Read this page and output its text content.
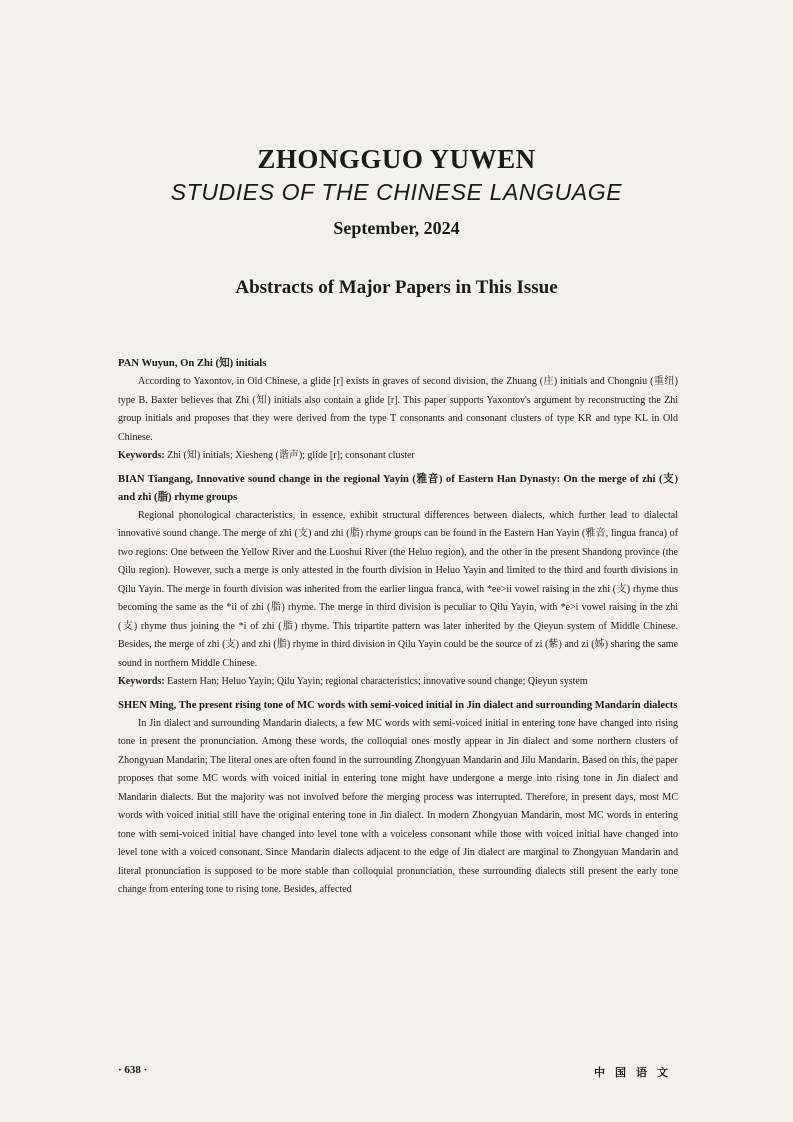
ZHONGGUO YUWEN
STUDIES OF THE CHINESE LANGUAGE
September, 2024
Abstracts of Major Papers in This Issue
PAN Wuyun, On Zhi (知) initials

According to Yaxontov, in Old Chinese, a glide [r] exists in graves of second division, the Zhuang (庄) initials and Chongniu (重纽) type B. Baxter believes that Zhi (知) initials also contain a glide [r]. This paper supports Yaxontov's argument by reconstructing the Zhi group initials and proposes that they were derived from the type T consonants and consonant clusters of type KR and type KL in Old Chinese.

Keywords: Zhi (知) initials; Xiesheng (谐声); glide [r]; consonant cluster

BIAN Tiangang, Innovative sound change in the regional Yayin (雅音) of Eastern Han Dynasty: On the merge of zhi (支) and zhi (脂) rhyme groups

Regional phonological characteristics, in essence, exhibit structural differences between dialects, which further lead to dialectal innovative sound change. The merge of zhi (支) and zhi (脂) rhyme groups can be found in the Eastern Han Yayin (雅音, lingua franca) of two regions: One between the Yellow River and the Luoshui River (the Heluo region), and the other in the present Shandong province (the Qilu region). However, such a merge is only attested in the fourth division in Heluo Yayin and limited to the third and fourth divisions in Qilu Yayin. The merge in fourth division was inherited from the earlier lingua franca, with *ee>ii vowel raising in the zhi (支) rhyme thus becoming the same as the *ii of zhi (脂) rhyme. The merge in third division is peculiar to Qilu Yayin, with *e>i vowel raising in the zhi (支) rhyme thus joining the *i of zhi (脂) rhyme. This tripartite pattern was later inherited by the Qieyun system of Middle Chinese. Besides, the merge of zhi (支) and zhi (脂) rhyme in third division in Qilu Yayin could be the source of zi (紫) and zi (姊) sharing the same sound in northern Middle Chinese.

Keywords: Eastern Han; Heluo Yayin; Qilu Yayin; regional characteristics; innovative sound change; Qieyun system

SHEN Ming, The present rising tone of MC words with semi-voiced initial in Jin dialect and surrounding Mandarin dialects

In Jin dialect and surrounding Mandarin dialects, a few MC words with semi-voiced initial in entering tone have changed into rising tone in present the pronunciation. Among these words, the colloquial ones mostly appear in Jin dialect and some northern clusters of Zhongyuan Mandarin; The literal ones are often found in the surrounding Zhongyuan Mandarin and Jilu Mandarin. Based on this, the paper proposes that some MC words with voiced initial in entering tone might have undergone a merge into rising tone in Jin dialect and Mandarin dialects. But the majority was not involved before the merging process was interrupted. Therefore, in present days, most MC words with voiced initial still have the original entering tone in Jin dialect. In modern Zhongyuan Mandarin, most MC words in entering tone with semi-voiced initial have changed into level tone with a voiceless consonant while those with voiced initial have changed into level tone with a voiced consonant. Since Mandarin dialects adjacent to the edge of Jin dialect are marginal to Zhongyuan Mandarin and literal pronunciation is supposed to be more stable than colloquial pronunciation, these surrounding dialects still present the early tone change from entering tone to rising tone. Besides, affected

· 638 ·	中国语文
